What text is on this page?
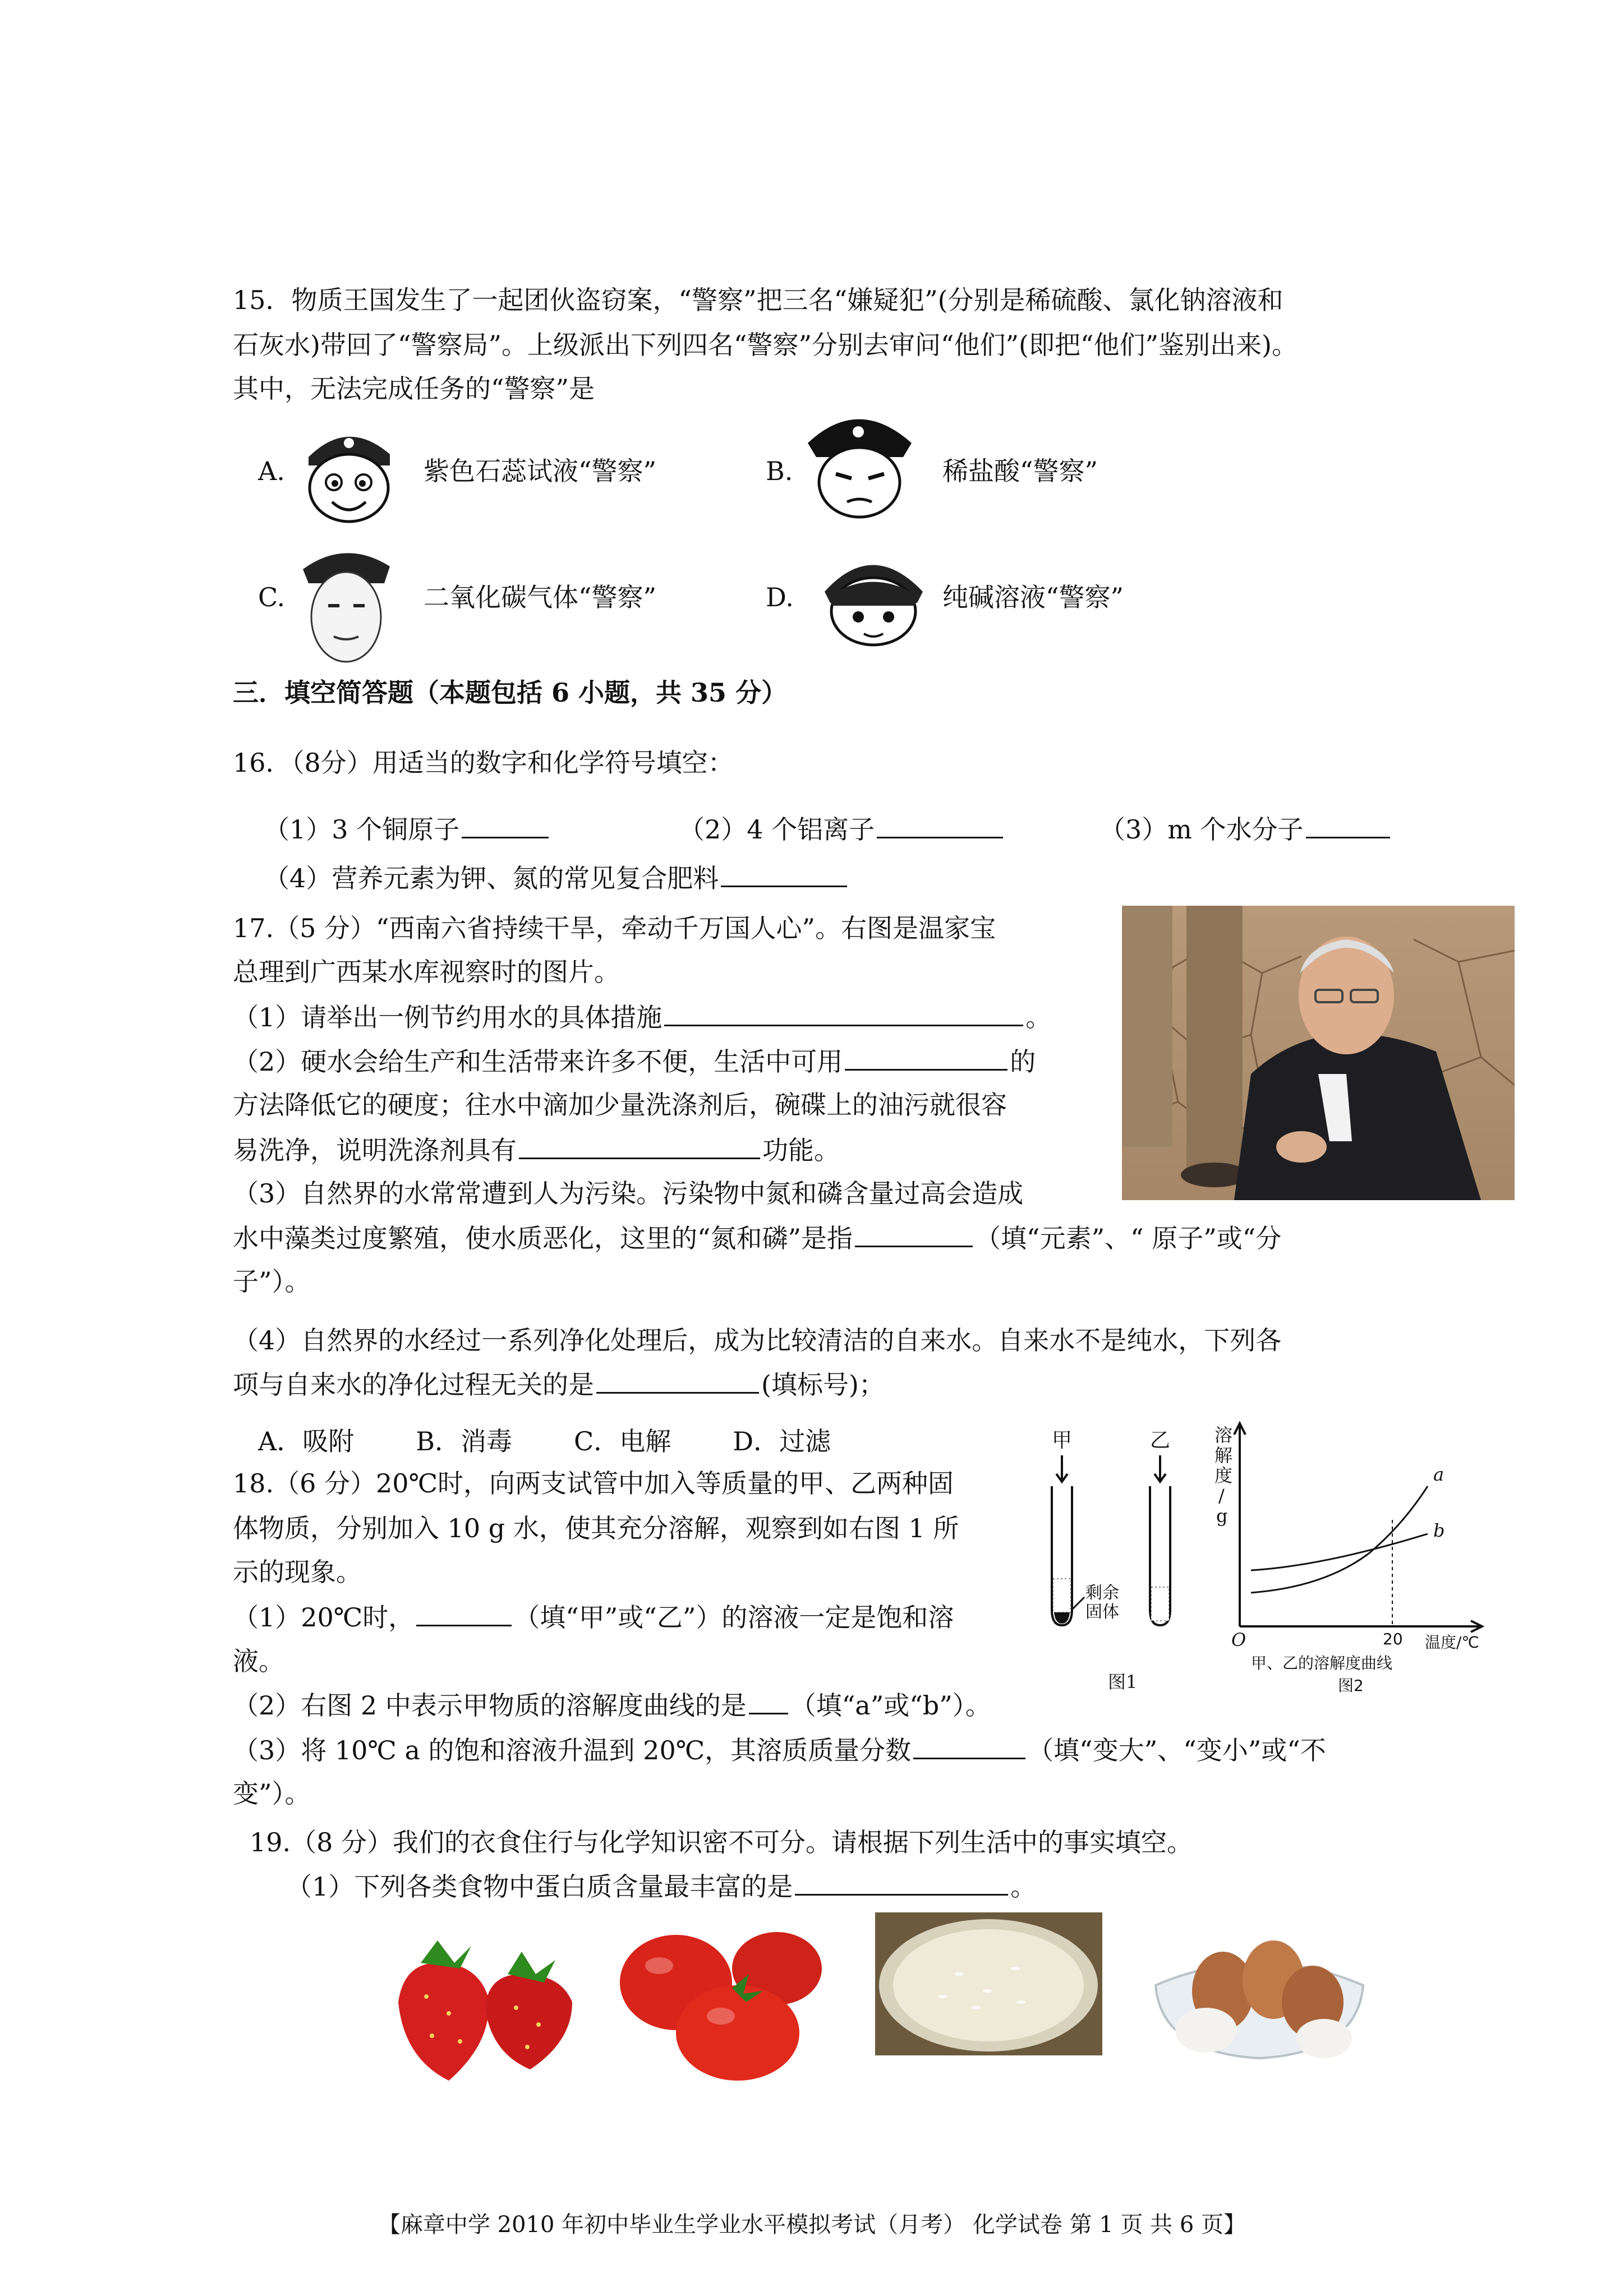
15．物质王国发生了一起团伙盗窃案，“警察”把三名“嫌疑犯”(分别是稀硫酸、氯化钠溶液和
石灰水)带回了“警察局”。上级派出下列四名“警察”分别去审问“他们”(即把“他们”鉴别出来)。
其中，无法完成任务的“警察”是
A.	紫色石蕊试液“警察”	B.	稀盐酸“警察”
C.	二氧化碳气体“警察”	D.	纯碱溶液“警察”
三．填空简答题（本题包括 6 小题，共 35 分）
16．（8分）用适当的数字和化学符号填空：
（1）3 个铜原子	（2）4 个铝离子	（3）m 个水分子
（4）营养元素为钾、氮的常见复合肥料
17.（5 分）“西南六省持续干旱，牵动千万国人心”。右图是温家宝
总理到广西某水库视察时的图片。
（1）请举出一例节约用水的具体措施	。
（2）硬水会给生产和生活带来许多不便，生活中可用	的
方法降低它的硬度；往水中滴加少量洗涤剂后，碗碟上的油污就很容
易洗净，说明洗涤剂具有	功能。
（3）自然界的水常常遭到人为污染。污染物中氮和磷含量过高会造成
水中藻类过度繁殖，使水质恶化，这里的“氮和磷”是指	（填“元素”、“ 原子”或“分
子”）。
（4）自然界的水经过一系列净化处理后，成为比较清洁的自来水。自来水不是纯水，下列各
项与自来水的净化过程无关的是	(填标号)；
A．吸附 B．消毒 C．电解 D．过滤
18.（6 分）20℃时，向两支试管中加入等质量的甲、乙两种固
体物质，分别加入 10 g 水，使其充分溶解，观察到如右图 1 所
示的现象。
（1）20℃时，	（填“甲”或“乙”）的溶液一定是饱和溶
液。
（2）右图 2 中表示甲物质的溶解度曲线的是 （填“a”或“b”）。
（3）将 10℃ a 的饱和溶液升温到 20℃，其溶质质量分数	（填“变大”、“变小”或“不
变”）。
甲	乙
剩余固体
图1
溶解度/ g
a
b
O	20 温度/℃
甲、乙的溶解度曲线
图2
19.（8 分）我们的衣食住行与化学知识密不可分。请根据下列生活中的事实填空。
（1）下列各类食物中蛋白质含量最丰富的是	。
【麻章中学 2010 年初中毕业生学业水平模拟考试（月考） 化学试卷 第 1 页 共 6 页】
